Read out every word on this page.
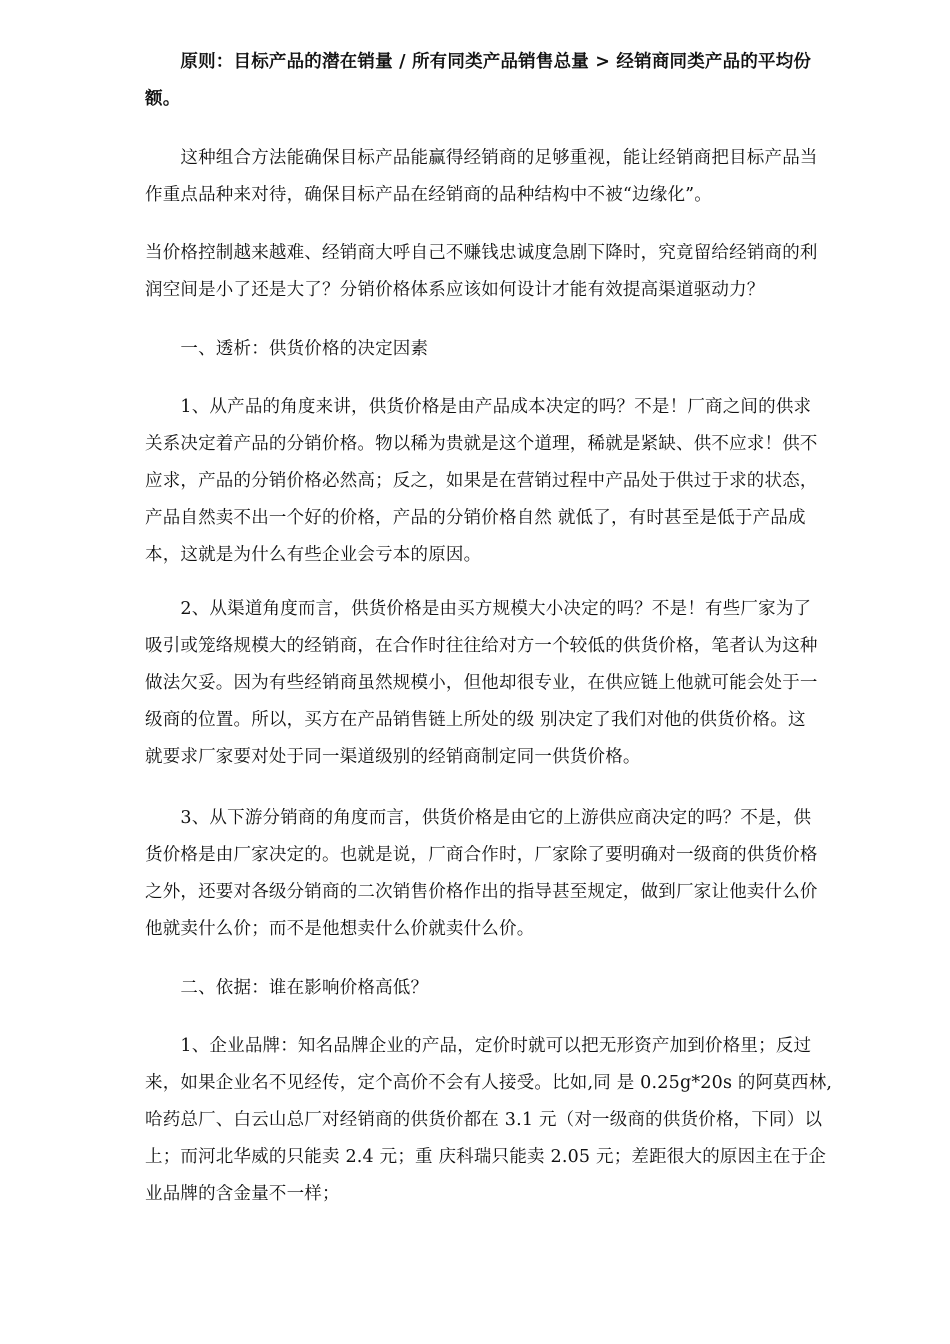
　　原则：目标产品的潜在销量 / 所有同类产品销售总量 > 经销商同类产品的平均份
额。
　　这种组合方法能确保目标产品能赢得经销商的足够重视，能让经销商把目标产品当
作重点品种来对待，确保目标产品在经销商的品种结构中不被“边缘化”。
当价格控制越来越难、经销商大呼自己不赚钱忠诚度急剧下降时，究竟留给经销商的利
润空间是小了还是大了？分销价格体系应该如何设计才能有效提高渠道驱动力？
　　一、透析：供货价格的决定因素
　　1、从产品的角度来讲，供货价格是由产品成本决定的吗？不是！厂商之间的供求
关系决定着产品的分销价格。物以稀为贵就是这个道理，稀就是紧缺、供不应求！供不
应求，产品的分销价格必然高；反之，如果是在营销过程中产品处于供过于求的状态，
产品自然卖不出一个好的价格，产品的分销价格自然 就低了，有时甚至是低于产品成
本，这就是为什么有些企业会亏本的原因。
　　2、从渠道角度而言，供货价格是由买方规模大小决定的吗？不是！有些厂家为了
吸引或笼络规模大的经销商，在合作时往往给对方一个较低的供货价格，笔者认为这种
做法欠妥。因为有些经销商虽然规模小，但他却很专业，在供应链上他就可能会处于一
级商的位置。所以，买方在产品销售链上所处的级 别决定了我们对他的供货价格。这
就要求厂家要对处于同一渠道级别的经销商制定同一供货价格。
　　3、从下游分销商的角度而言，供货价格是由它的上游供应商决定的吗？不是，供
货价格是由厂家决定的。也就是说，厂商合作时，厂家除了要明确对一级商的供货价格
之外，还要对各级分销商的二次销售价格作出的指导甚至规定，做到厂家让他卖什么价
他就卖什么价；而不是他想卖什么价就卖什么价。
　　二、依据：谁在影响价格高低？
　　1、企业品牌：知名品牌企业的产品，定价时就可以把无形资产加到价格里；反过
来，如果企业名不见经传，定个高价不会有人接受。比如,同 是 0.25g*20s 的阿莫西林,
哈药总厂、白云山总厂对经销商的供货价都在 3.1 元（对一级商的供货价格，下同）以
上；而河北华威的只能卖 2.4 元；重 庆科瑞只能卖 2.05 元；差距很大的原因主在于企
业品牌的含金量不一样；
